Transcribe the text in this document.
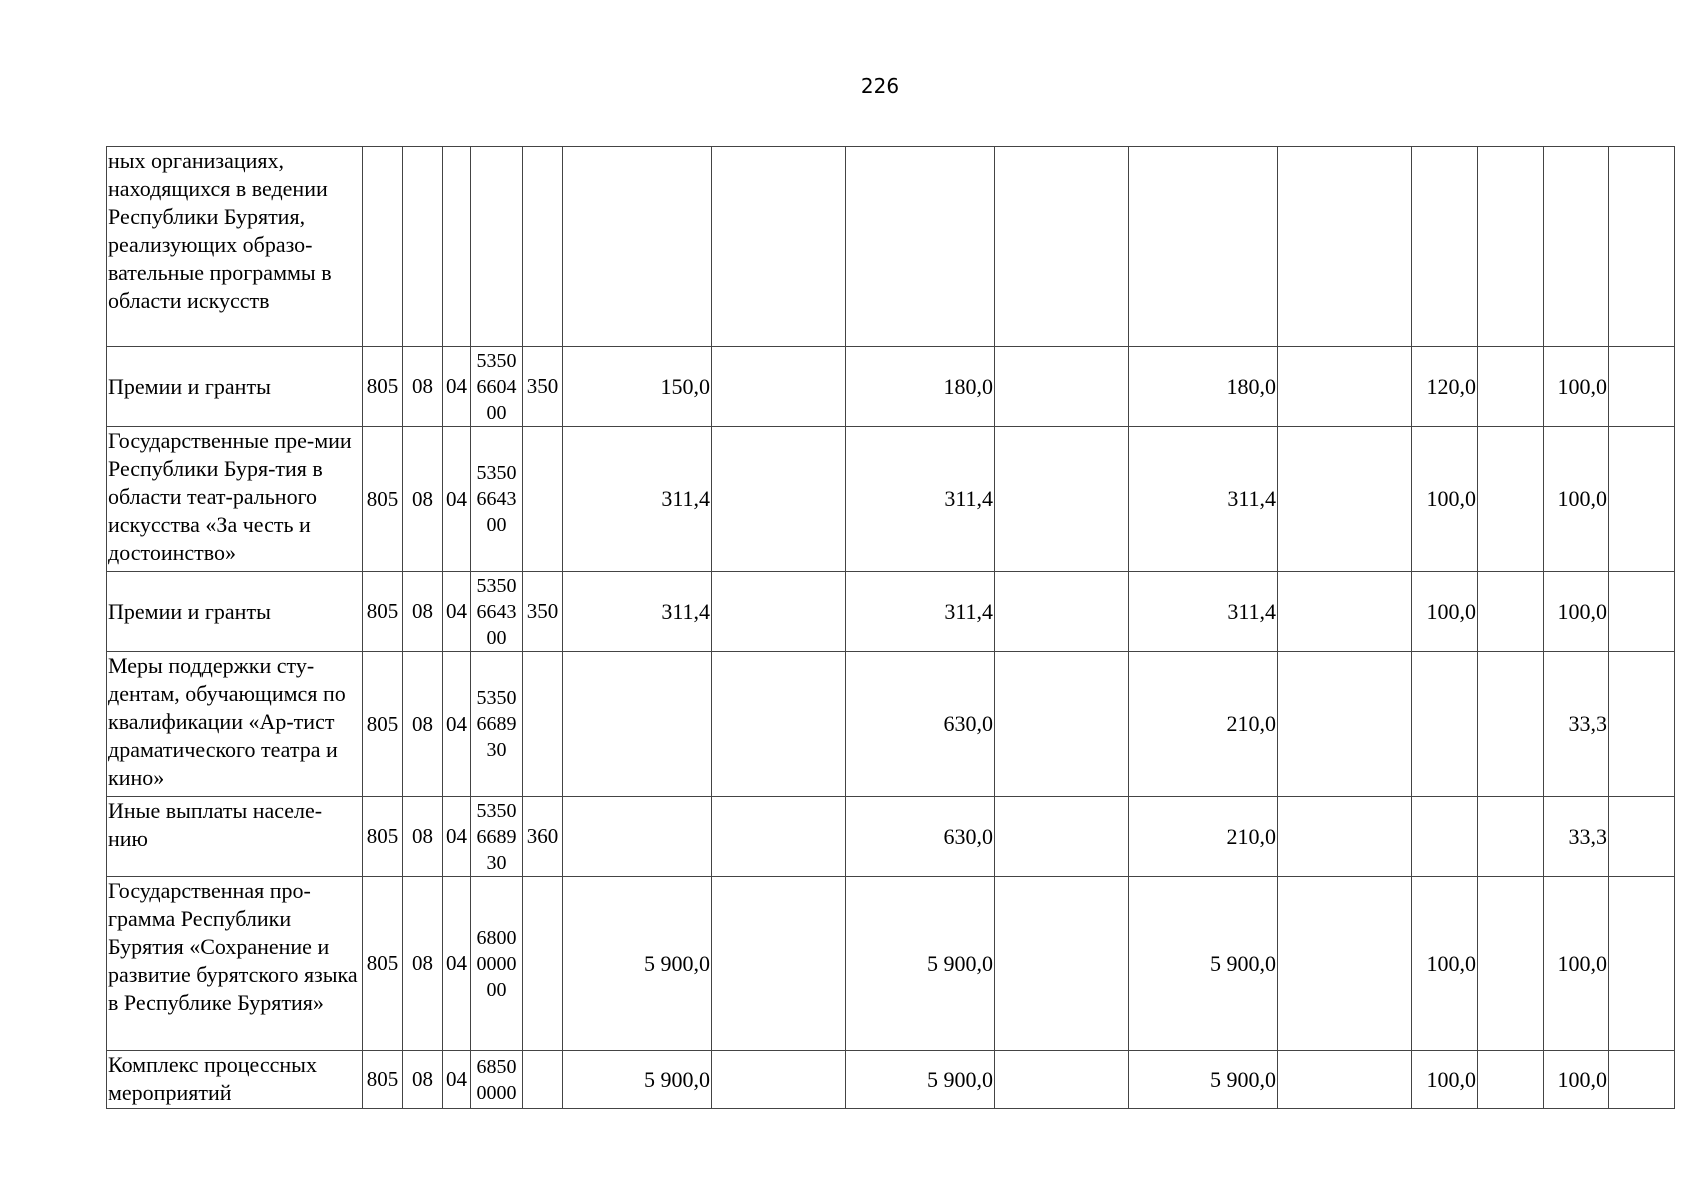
226
ных организациях, находящихся в ведении Республики Бурятия, реализующих образо-вательные программы в области искусств															
Премии и гранты	805	08	04	5350 6604 00	350	150,0		180,0		180,0		120,0		100,0	
Государственные пре-мии Республики Буря-тия в области теат-рального искусства «За честь и достоинство»	805	08	04	5350 6643 00		311,4		311,4		311,4		100,0		100,0	
Премии и гранты	805	08	04	5350 6643 00	350	311,4		311,4		311,4		100,0		100,0	
Меры поддержки сту-дентам, обучающимся по квалификации «Ар-тист драматического театра и кино»	805	08	04	5350 6689 30				630,0		210,0				33,3	
Иные выплаты населе-нию	805	08	04	5350 6689 30	360			630,0		210,0				33,3	
Государственная про-грамма Республики Бурятия «Сохранение и развитие бурятского языка в Республике Бурятия»	805	08	04	6800 0000 00		5 900,0		5 900,0		5 900,0		100,0		100,0	
Комплекс процессных мероприятий	805	08	04	6850 0000		5 900,0		5 900,0		5 900,0		100,0		100,0	
